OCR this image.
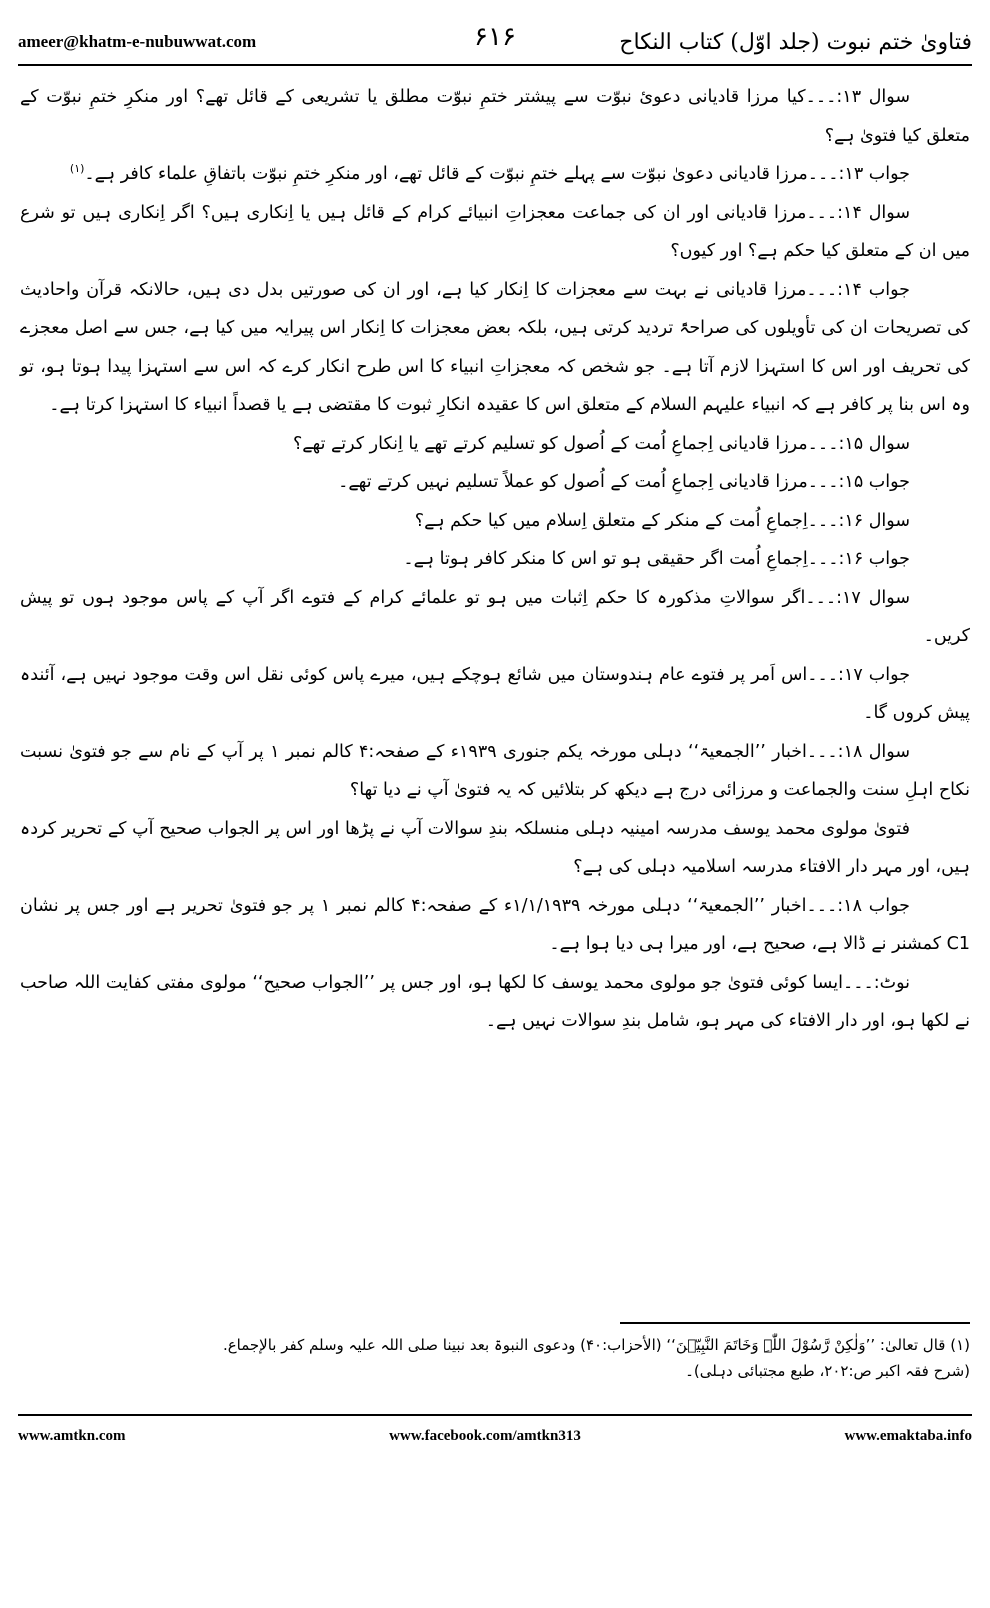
ameer@khatm-e-nubuwwat.com	۶۱۶	فتاویٰ ختم نبوت (جلد اوّل) کتاب النکاح

سوال ۱۳:۔۔۔کیا مرزا قادیانی دعویٔ نبوّت سے پیشتر ختمِ نبوّت مطلق یا تشریعی کے قائل تھے؟ اور منکرِ ختمِ نبوّت کے متعلق کیا فتویٰ ہے؟

جواب ۱۳:۔۔۔مرزا قادیانی دعویٰ نبوّت سے پہلے ختمِ نبوّت کے قائل تھے، اور منکرِ ختمِ نبوّت باتفاقِ علماء کافر ہے۔$^{(۱)}$

سوال ۱۴:۔۔۔مرزا قادیانی اور ان کی جماعت معجزاتِ انبیائے کرام کے قائل ہیں یا اِنکاری ہیں؟ اگر اِنکاری ہیں تو شرع میں ان کے متعلق کیا حکم ہے؟ اور کیوں؟

جواب ۱۴:۔۔۔مرزا قادیانی نے بہت سے معجزات کا اِنکار کیا ہے، اور ان کی صورتیں بدل دی ہیں، حالانکہ قرآن واحادیث کی تصریحات ان کی تأویلوں کی صراحۃً تردید کرتی ہیں، بلکہ بعض معجزات کا اِنکار اس پیرایہ میں کیا ہے، جس سے اصل معجزے کی تحریف اور اس کا استہزا لازم آتا ہے۔ جو شخص کہ معجزاتِ انبیاء کا اس طرح انکار کرے کہ اس سے استہزا پیدا ہوتا ہو، تو وہ اس بنا پر کافر ہے کہ انبیاء علیہم السلام کے متعلق اس کا عقیدہ انکارِ ثبوت کا مقتضی ہے یا قصداً انبیاء کا استہزا کرتا ہے۔

سوال ۱۵:۔۔۔مرزا قادیانی اِجماعِ اُمت کے اُصول کو تسلیم کرتے تھے یا اِنکار کرتے تھے؟

جواب ۱۵:۔۔۔مرزا قادیانی اِجماعِ اُمت کے اُصول کو عملاً تسلیم نہیں کرتے تھے۔

سوال ۱۶:۔۔۔اِجماعِ اُمت کے منکر کے متعلق اِسلام میں کیا حکم ہے؟

جواب ۱۶:۔۔۔اِجماعِ اُمت اگر حقیقی ہو تو اس کا منکر کافر ہوتا ہے۔

سوال ۱۷:۔۔۔اگر سوالاتِ مذکورہ کا حکم اِثبات میں ہو تو علمائے کرام کے فتوے اگر آپ کے پاس موجود ہوں تو پیش کریں۔

جواب ۱۷:۔۔۔اس اَمر پر فتوے عام ہندوستان میں شائع ہوچکے ہیں، میرے پاس کوئی نقل اس وقت موجود نہیں ہے، آئندہ پیش کروں گا۔

سوال ۱۸:۔۔۔اخبار ’’الجمعیۃ‘‘ دہلی مورخہ یکم جنوری ۱۹۳۹ء کے صفحہ:۴ کالم نمبر ۱ پر آپ کے نام سے جو فتویٰ نسبت نکاح اہلِ سنت والجماعت و مرزائی درج ہے دیکھ کر بتلائیں کہ یہ فتویٰ آپ نے دیا تھا؟

فتویٰ مولوی محمد یوسف مدرسہ امینیہ دہلی منسلکہ بندِ سوالات آپ نے پڑھا اور اس پر الجواب صحیح آپ کے تحریر کردہ ہیں، اور مہر دار الافتاء مدرسہ اسلامیہ دہلی کی ہے؟

جواب ۱۸:۔۔۔اخبار ’’الجمعیۃ‘‘ دہلی مورخہ ۱/۱/۱۹۳۹ء کے صفحہ:۴ کالم نمبر ۱ پر جو فتویٰ تحریر ہے اور جس پر نشان C1 کمشنر نے ڈالا ہے، صحیح ہے، اور میرا ہی دیا ہوا ہے۔

نوٹ:۔۔۔ایسا کوئی فتویٰ جو مولوی محمد یوسف کا لکھا ہو، اور جس پر ’’الجواب صحیح‘‘ مولوی مفتی کفایت اللہ صاحب نے لکھا ہو، اور دار الافتاء کی مہر ہو، شامل بندِ سوالات نہیں ہے۔

(۱) قال تعالیٰ: ’’وَلٰکِنْ رَّسُوْلَ اللّٰہِ وَخَاتَمَ النَّبِیّٖنَ‘‘ (الأحزاب:۴۰) ودعوی النبوۃ بعد نبینا صلی اللہ علیہ وسلم کفر بالإجماع.

(شرح فقہ اکبر ص:۲۰۲، طبع مجتبائی دہلی)۔

www.amtkn.com	www.facebook.com/amtkn313	www.emaktaba.info
